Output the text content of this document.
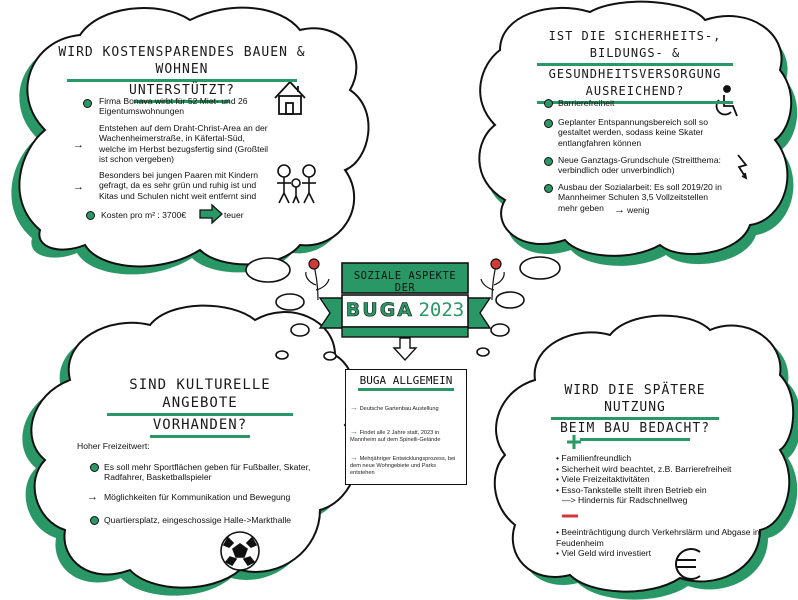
WIRD KOSTENSPARENDES BAUEN & WOHNEN
UNTERSTÜTZT?
Firma Bonava wirbt für 52 Miet- und 26 Eigentumswohnungen
→
Entstehen auf dem Draht-Christ-Area an der Wachenheimerstraße, in Käfertal-Süd, welche im Herbst bezugsfertig sind (Großteil ist schon vergeben)
→
Besonders bei jungen Paaren mit Kindern gefragt, da es sehr grün und ruhig ist und Kitas und Schulen nicht weit entfernt sind
Kosten pro m² : 3700€	teuer
IST DIE SICHERHEITS-, BILDUNGS- &
GESUNDHEITSVERSORGUNG AUSREICHEND?
Barrierefreiheit
Geplanter Entspannungsbereich soll so gestaltet werden, sodass keine Skater entlangfahren können
Neue Ganztags-Grundschule (Streitthema: verbindlich oder unverbindlich)
Ausbau der Sozialarbeit: Es soll 2019/20 in Mannheimer Schulen 3,5 Vollzeitstellen mehr geben → wenig
SOZIALE ASPEKTE DER
BUGA 2023
BUGA ALLGEMEIN
→ Deutsche Gartenbau Austellung
→ Findet alle 2 Jahre statt, 2023 in Mannheim auf dem Spinelli-Gelände
→ Mehrjähriger Entwicklungsprozess, bei dem neue Wohngebiete und Parks entstehen
SIND KULTURELLE ANGEBOTE
VORHANDEN?
Hoher Freizeitwert:
Es soll mehr Sportflächen geben für Fußballer, Skater, Radfahrer, Basketballspieler
→ Möglichkeiten für Kommunikation und Bewegung
Quartiersplatz, eingeschossige Halle->Markthalle
WIRD DIE SPÄTERE NUTZUNG
BEIM BAU BEDACHT?
• Familienfreundlich
• Sicherheit wird beachtet, z.B. Barrierefreiheit
• Viele Freizeitaktivitäten
• Esso-Tankstelle stellt ihren Betrieb ein
—> Hindernis für Radschnellweg
• Beeinträchtigung durch Verkehrslärm und Abgase in Feudenheim
• Viel Geld wird investiert
